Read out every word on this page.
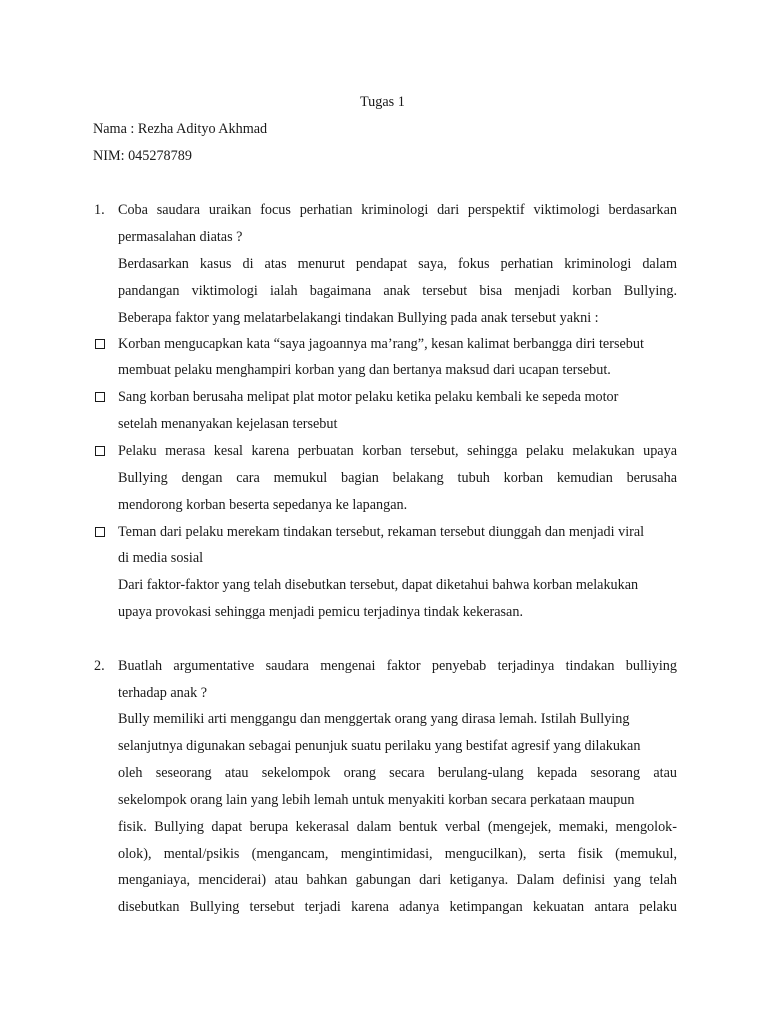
Tugas 1
Nama : Rezha Adityo Akhmad
NIM: 045278789
1. Coba saudara uraikan focus perhatian kriminologi dari perspektif viktimologi berdasarkan
permasalahan diatas ?
Berdasarkan kasus di atas menurut pendapat saya, fokus perhatian kriminologi dalam
pandangan viktimologi ialah bagaimana anak tersebut bisa menjadi korban Bullying.
Beberapa faktor yang melatarbelakangi tindakan Bullying pada anak tersebut yakni :
Korban mengucapkan kata “saya jagoannya ma’rang”, kesan kalimat berbangga diri tersebut
membuat pelaku menghampiri korban yang dan bertanya maksud dari ucapan tersebut.
Sang korban berusaha melipat plat motor pelaku ketika pelaku kembali ke sepeda motor
setelah menanyakan kejelasan tersebut
Pelaku merasa kesal karena perbuatan korban tersebut, sehingga pelaku melakukan upaya
Bullying dengan cara memukul bagian belakang tubuh korban kemudian berusaha
mendorong korban beserta sepedanya ke lapangan.
Teman dari pelaku merekam tindakan tersebut, rekaman tersebut diunggah dan menjadi viral
di media sosial
Dari faktor-faktor yang telah disebutkan tersebut, dapat diketahui bahwa korban melakukan
upaya provokasi sehingga menjadi pemicu terjadinya tindak kekerasan.
2. Buatlah argumentative saudara mengenai faktor penyebab terjadinya tindakan bulliying
terhadap anak ?
Bully memiliki arti menggangu dan menggertak orang yang dirasa lemah. Istilah Bullying
selanjutnya digunakan sebagai penunjuk suatu perilaku yang bestifat agresif yang dilakukan
oleh seseorang atau sekelompok orang secara berulang-ulang kepada sesorang atau
sekelompok orang lain yang lebih lemah untuk menyakiti korban secara perkataan maupun
fisik. Bullying dapat berupa kekerasal dalam bentuk verbal (mengejek, memaki, mengolok-
olok), mental/psikis (mengancam, mengintimidasi, mengucilkan), serta fisik (memukul,
menganiaya, menciderai) atau bahkan gabungan dari ketiganya. Dalam definisi yang telah
disebutkan Bullying tersebut terjadi karena adanya ketimpangan kekuatan antara pelaku
